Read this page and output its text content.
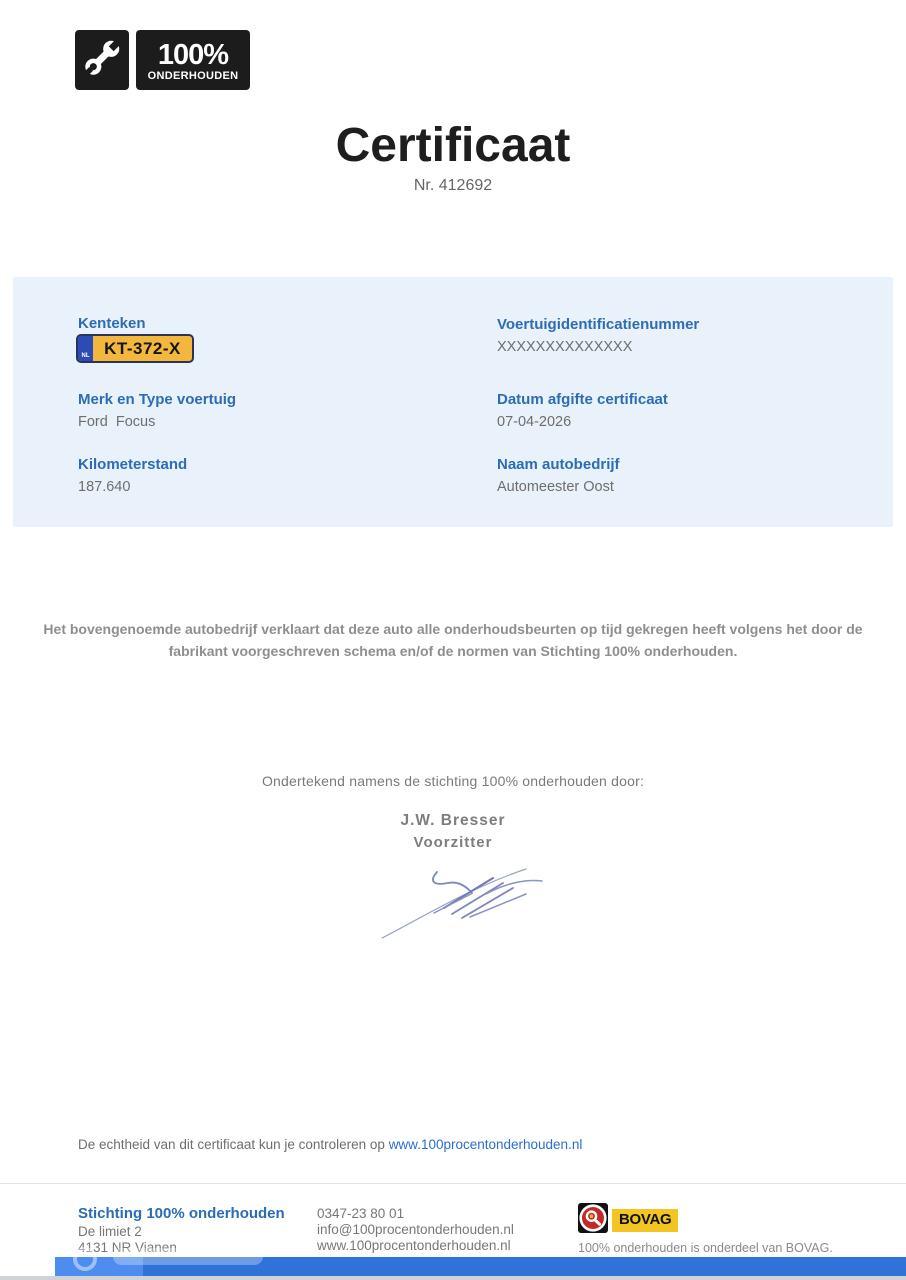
100%
ONDERHOUDEN
Certificaat
Nr. 412692
Kenteken
NL KT-372-X
Voertuigidentificatienummer
XXXXXXXXXXXXXX
Merk en Type voertuig
Ford  Focus
Datum afgifte certificaat
07-04-2026
Kilometerstand
187.640
Naam autobedrijf
Automeester Oost

Het bovengenoemde autobedrijf verklaart dat deze auto alle onderhoudsbeurten op tijd gekregen heeft volgens het door de fabrikant voorgeschreven schema en/of de normen van Stichting 100% onderhouden.

Ondertekend namens de stichting 100% onderhouden door:
J.W. Bresser
Voorzitter
De echtheid van dit certificaat kun je controleren op www.100procentonderhouden.nl
Stichting 100% onderhouden
De limiet 2
4131 NR Vianen
0347-23 80 01
info@100procentonderhouden.nl
www.100procentonderhouden.nl
BOVAG
100% onderhouden is onderdeel van BOVAG.
